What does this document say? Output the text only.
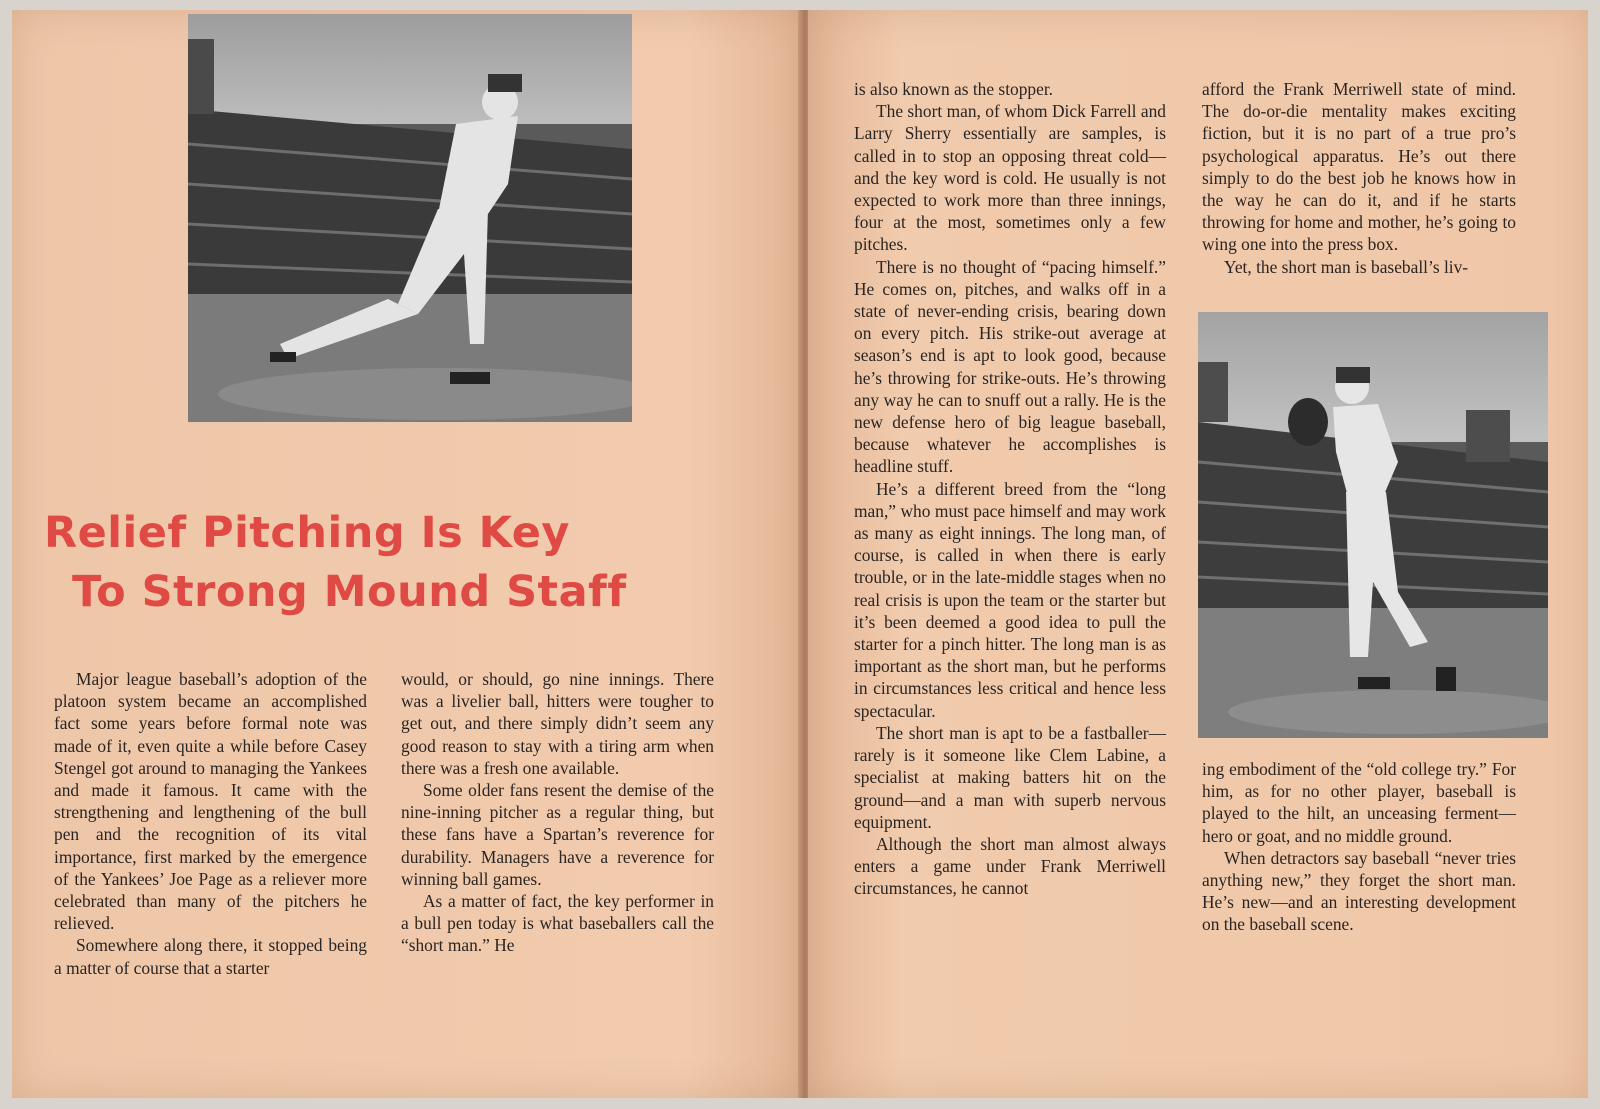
Relief Pitching Is Key
To Strong Mound Staff

Major league baseball’s adoption of the platoon system became an accomplished fact some years before formal note was made of it, even quite a while before Casey Stengel got around to managing the Yankees and made it famous. It came with the strengthening and lengthening of the bull pen and the recognition of its vital importance, first marked by the emergence of the Yankees’ Joe Page as a reliever more celebrated than many of the pitchers he relieved.

Somewhere along there, it stopped being a matter of course that a starter

would, or should, go nine innings. There was a livelier ball, hitters were tougher to get out, and there simply didn’t seem any good reason to stay with a tiring arm when there was a fresh one available.

Some older fans resent the demise of the nine-inning pitcher as a regular thing, but these fans have a Spartan’s reverence for durability. Managers have a reverence for winning ball games.

As a matter of fact, the key performer in a bull pen today is what baseballers call the “short man.” He

is also known as the stopper.

The short man, of whom Dick Farrell and Larry Sherry essentially are samples, is called in to stop an opposing threat cold—and the key word is cold. He usually is not expected to work more than three innings, four at the most, sometimes only a few pitches.

There is no thought of “pacing himself.” He comes on, pitches, and walks off in a state of never-ending crisis, bearing down on every pitch. His strike-out average at season’s end is apt to look good, because he’s throwing for strike-outs. He’s throwing any way he can to snuff out a rally. He is the new defense hero of big league baseball, because whatever he accomplishes is headline stuff.

He’s a different breed from the “long man,” who must pace himself and may work as many as eight innings. The long man, of course, is called in when there is early trouble, or in the late-middle stages when no real crisis is upon the team or the starter but it’s been deemed a good idea to pull the starter for a pinch hitter. The long man is as important as the short man, but he performs in circumstances less critical and hence less spectacular.

The short man is apt to be a fastballer—rarely is it someone like Clem Labine, a specialist at making batters hit on the ground—and a man with superb nervous equipment.

Although the short man almost always enters a game under Frank Merriwell circumstances, he cannot

afford the Frank Merriwell state of mind. The do-or-die mentality makes exciting fiction, but it is no part of a true pro’s psychological apparatus. He’s out there simply to do the best job he knows how in the way he can do it, and if he starts throwing for home and mother, he’s going to wing one into the press box.

Yet, the short man is baseball’s liv-

ing embodiment of the “old college try.” For him, as for no other player, baseball is played to the hilt, an unceasing ferment—hero or goat, and no middle ground.

When detractors say baseball “never tries anything new,” they forget the short man. He’s new—and an interesting development on the baseball scene.
